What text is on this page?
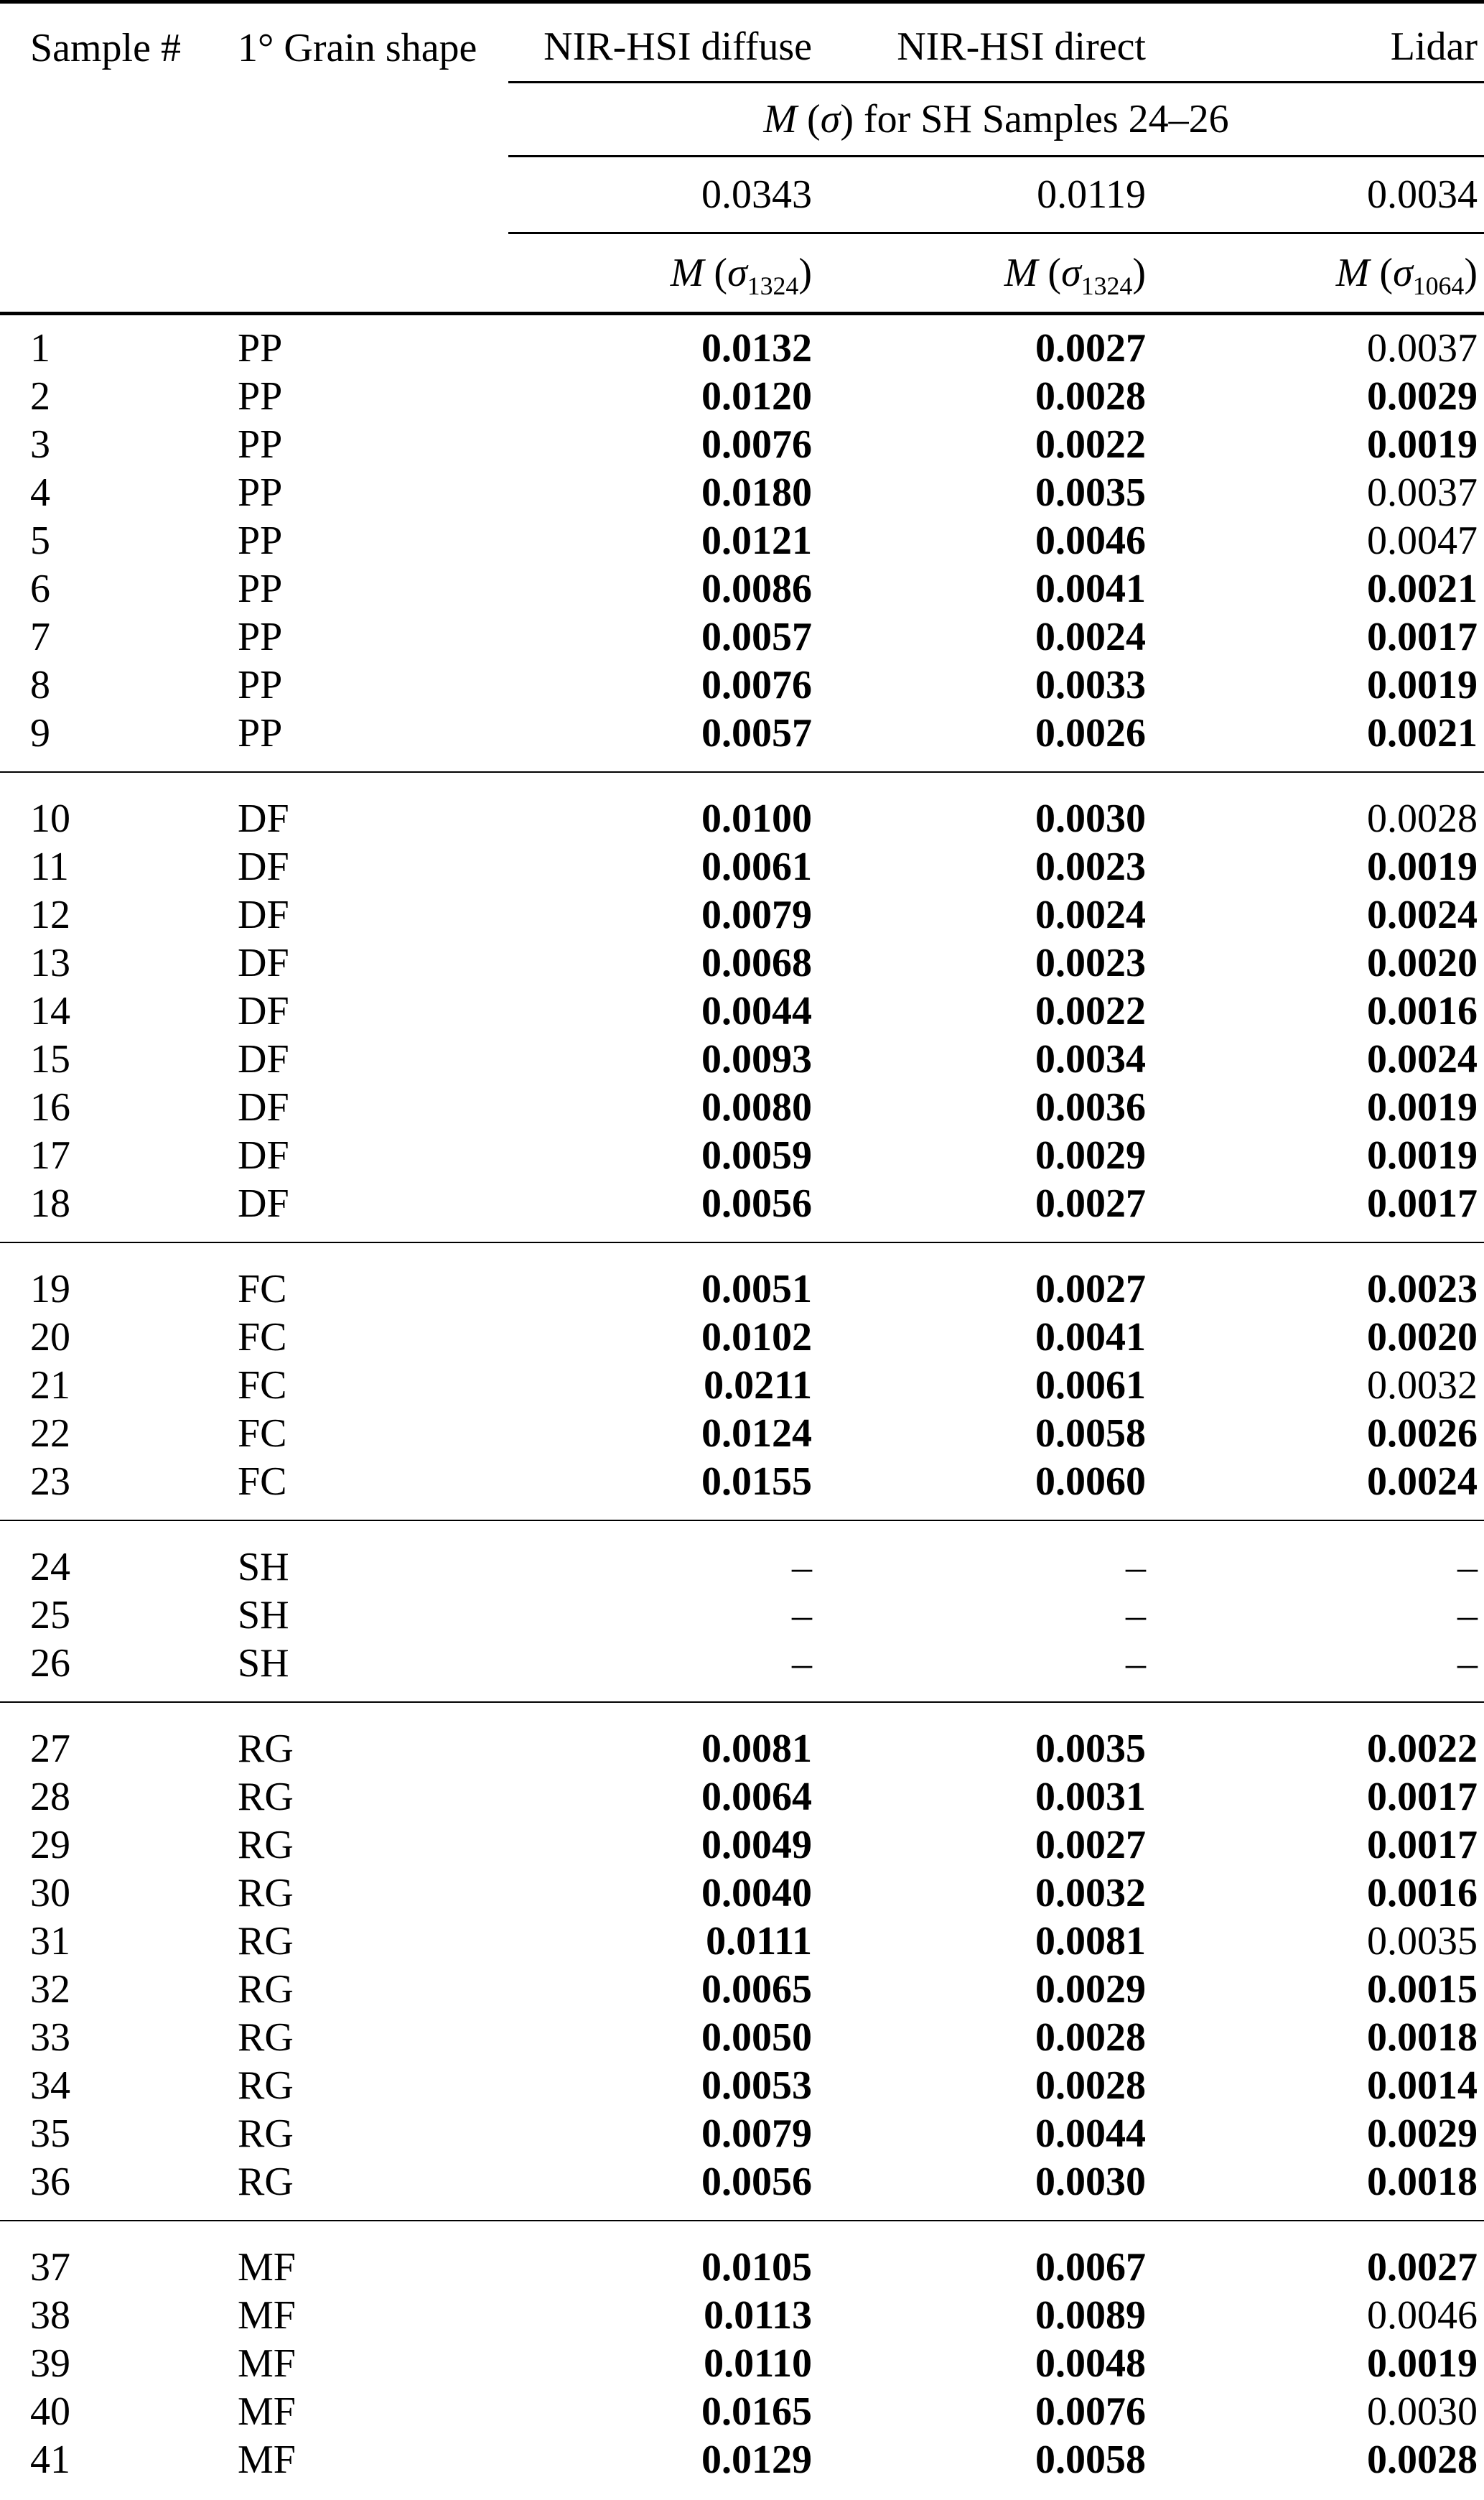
Sample #	1° Grain shape	NIR-HSI diffuse	NIR-HSI direct	Lidar
		M (σ) for SH Samples 24–26		
		0.0343	0.0119	0.0034
		M $(\sigma_{1324})$	M $(\sigma_{1324})$	M $(\sigma_{1064})$
1	PP	0.0132	0.0027	0.0037
2	PP	0.0120	0.0028	0.0029
3	PP	0.0076	0.0022	0.0019
4	PP	0.0180	0.0035	0.0037
5	PP	0.0121	0.0046	0.0047
6	PP	0.0086	0.0041	0.0021
7	PP	0.0057	0.0024	0.0017
8	PP	0.0076	0.0033	0.0019
9	PP	0.0057	0.0026	0.0021
10	DF	0.0100	0.0030	0.0028
11	DF	0.0061	0.0023	0.0019
12	DF	0.0079	0.0024	0.0024
13	DF	0.0068	0.0023	0.0020
14	DF	0.0044	0.0022	0.0016
15	DF	0.0093	0.0034	0.0024
16	DF	0.0080	0.0036	0.0019
17	DF	0.0059	0.0029	0.0019
18	DF	0.0056	0.0027	0.0017
19	FC	0.0051	0.0027	0.0023
20	FC	0.0102	0.0041	0.0020
21	FC	0.0211	0.0061	0.0032
22	FC	0.0124	0.0058	0.0026
23	FC	0.0155	0.0060	0.0024
24	SH	–	–	–
25	SH	–	–	–
26	SH	–	–	–
27	RG	0.0081	0.0035	0.0022
28	RG	0.0064	0.0031	0.0017
29	RG	0.0049	0.0027	0.0017
30	RG	0.0040	0.0032	0.0016
31	RG	0.0111	0.0081	0.0035
32	RG	0.0065	0.0029	0.0015
33	RG	0.0050	0.0028	0.0018
34	RG	0.0053	0.0028	0.0014
35	RG	0.0079	0.0044	0.0029
36	RG	0.0056	0.0030	0.0018
37	MF	0.0105	0.0067	0.0027
38	MF	0.0113	0.0089	0.0046
39	MF	0.0110	0.0048	0.0019
40	MF	0.0165	0.0076	0.0030
41	MF	0.0129	0.0058	0.0028
